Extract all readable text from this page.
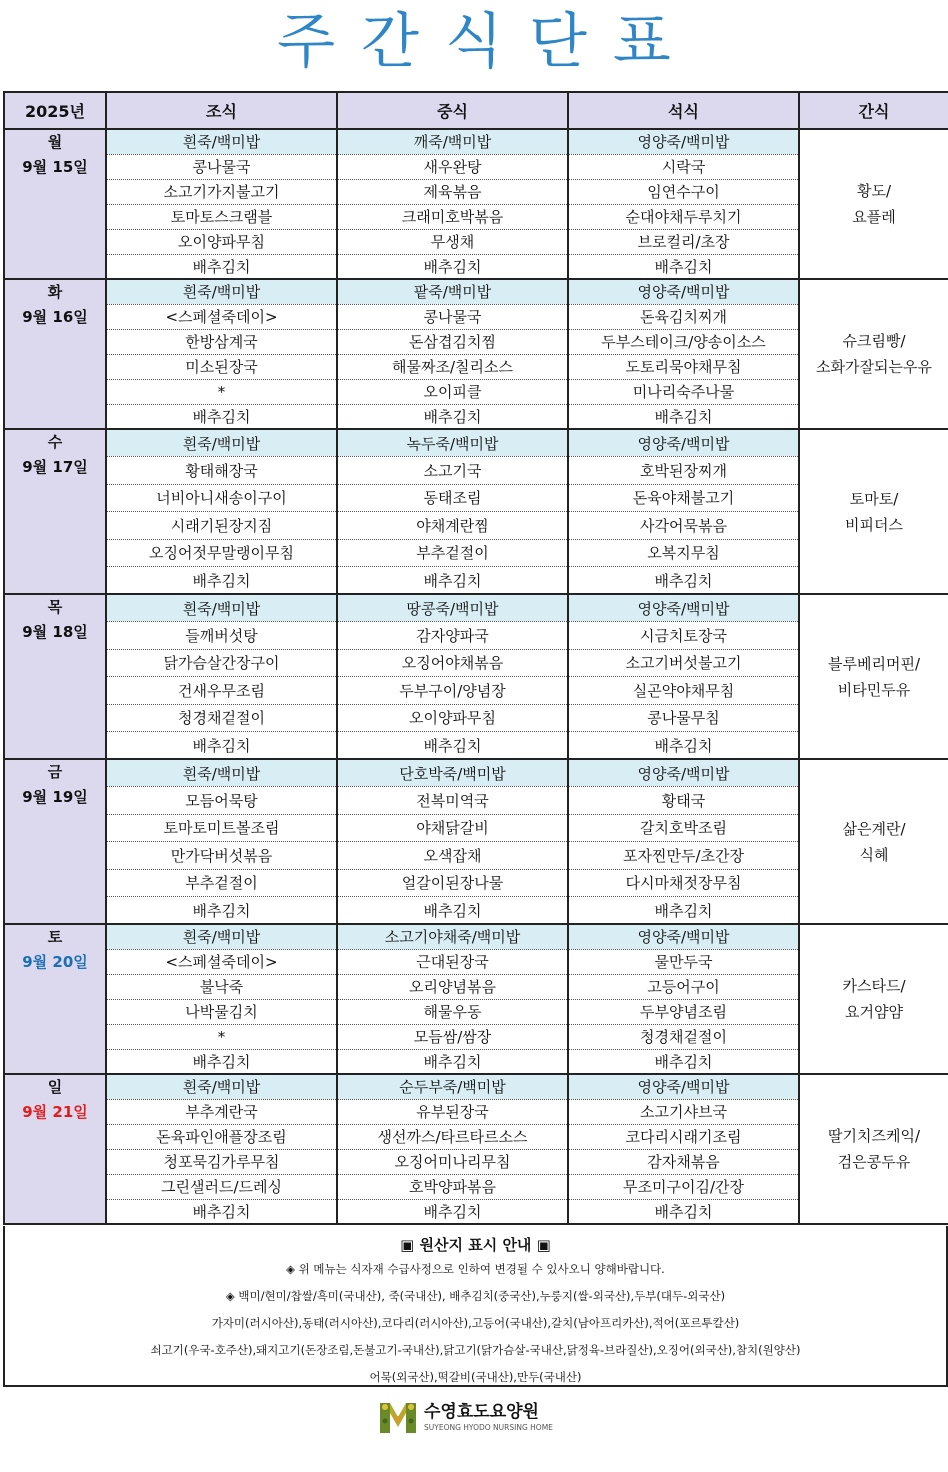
주간식단표
2025년	조식	중식	석식	간식

월
9월 15일	흰죽/백미밥	깨죽/백미밥	영양죽/백미밥	황도/
요플레
	콩나물국	새우완탕	시락국	
	소고기가지불고기	제육볶음	임연수구이	
	토마토스크램블	크래미호박볶음	순대야채두루치기	
	오이양파무침	무생채	브로컬리/초장	
	배추김치	배추김치	배추김치	

화
9월 16일	흰죽/백미밥	팥죽/백미밥	영양죽/백미밥	슈크림빵/
소화가잘되는우유
	<스페셜죽데이>	콩나물국	돈육김치찌개	
	한방삼계국	돈삼겹김치찜	두부스테이크/양송이소스	
	미소된장국	해물짜조/칠리소스	도토리묵야채무침	
	*	오이피클	미나리숙주나물	
	배추김치	배추김치	배추김치	

수
9월 17일	흰죽/백미밥	녹두죽/백미밥	영양죽/백미밥	토마토/
비피더스
	황태해장국	소고기국	호박된장찌개	
	너비아니새송이구이	동태조림	돈육야채불고기	
	시래기된장지짐	야채계란찜	사각어묵볶음	
	오징어젓무말랭이무침	부추겉절이	오복지무침	
	배추김치	배추김치	배추김치	

목
9월 18일	흰죽/백미밥	땅콩죽/백미밥	영양죽/백미밥	블루베리머핀/
비타민두유
	들깨버섯탕	감자양파국	시금치토장국	
	닭가슴살간장구이	오징어야채볶음	소고기버섯불고기	
	건새우무조림	두부구이/양념장	실곤약야채무침	
	청경채겉절이	오이양파무침	콩나물무침	
	배추김치	배추김치	배추김치	

금
9월 19일	흰죽/백미밥	단호박죽/백미밥	영양죽/백미밥	삶은계란/
식혜
	모듬어묵탕	전복미역국	황태국	
	토마토미트볼조림	야채닭갈비	갈치호박조림	
	만가닥버섯볶음	오색잡채	포자찐만두/초간장	
	부추겉절이	얼갈이된장나물	다시마채젓장무침	
	배추김치	배추김치	배추김치	

토
9월 20일	흰죽/백미밥	소고기야채죽/백미밥	영양죽/백미밥	카스타드/
요거얌얌
	<스페셜죽데이>	근대된장국	물만두국	
	불낙죽	오리양념볶음	고등어구이	
	나박물김치	해물우동	두부양념조림	
	*	모듬쌈/쌈장	청경채겉절이	
	배추김치	배추김치	배추김치	

일
9월 21일	흰죽/백미밥	순두부죽/백미밥	영양죽/백미밥	딸기치즈케익/
검은콩두유
	부추계란국	유부된장국	소고기샤브국	
	돈육파인애플장조림	생선까스/타르타르소스	코다리시래기조림	
	청포묵김가루무침	오징어미나리무침	감자채볶음	
	그린샐러드/드레싱	호박양파볶음	무조미구이김/간장	
	배추김치	배추김치	배추김치	
▣ 원산지 표시 안내 ▣
◈ 위 메뉴는 식자재 수급사정으로 인하여 변경될 수 있사오니 양해바랍니다.
◈ 백미/현미/찹쌀/흑미(국내산), 죽(국내산), 배추김치(중국산),누룽지(쌀-외국산),두부(대두-외국산)
가자미(러시아산),동태(러시아산),코다리(러시아산),고등어(국내산),갈치(남아프리카산),적어(포르투칼산)
쇠고기(우국-호주산),돼지고기(돈장조림,돈불고기-국내산),닭고기(닭가슴살-국내산,닭정육-브라질산),오징어(외국산),참치(원양산)
어묵(외국산),떡갈비(국내산),만두(국내산)
수영효도요양원
SUYEONG HYODO NURSING HOME
